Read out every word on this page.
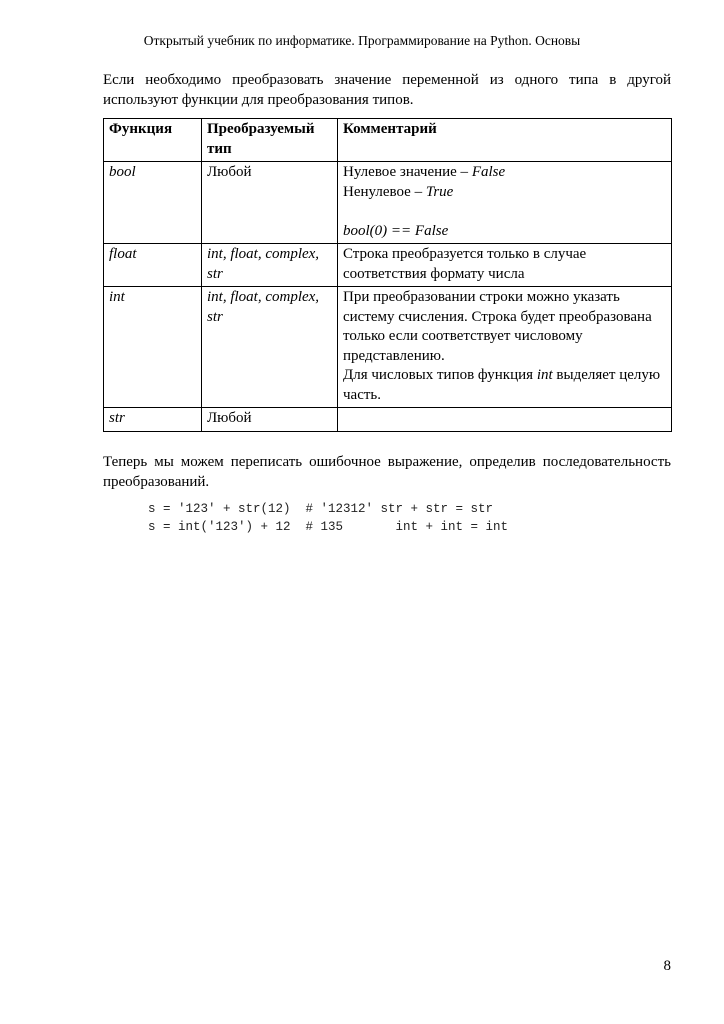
Открытый учебник по информатике. Программирование на Python. Основы

Если необходимо преобразовать значение переменной из одного типа в другой используют функции для преобразования типов.

Функция	Преобразуемый тип	Комментарий
bool	Любой	Нулевое значение – False
Ненулевое – True
bool(0) == False
float	int, float, complex, str	Строка преобразуется только в случае соответствия формату числа
int	int, float, complex, str	При преобразовании строки можно указать систему счисления. Строка будет преобразована только если соответствует числовому представлению.
Для числовых типов функция int выделяет целую часть.
str	Любой	

Теперь мы можем переписать ошибочное выражение, определив последовательность преобразований.

s = '123' + str(12)  # '12312' str + str = str
s = int('123') + 12  # 135       int + int = int
8
